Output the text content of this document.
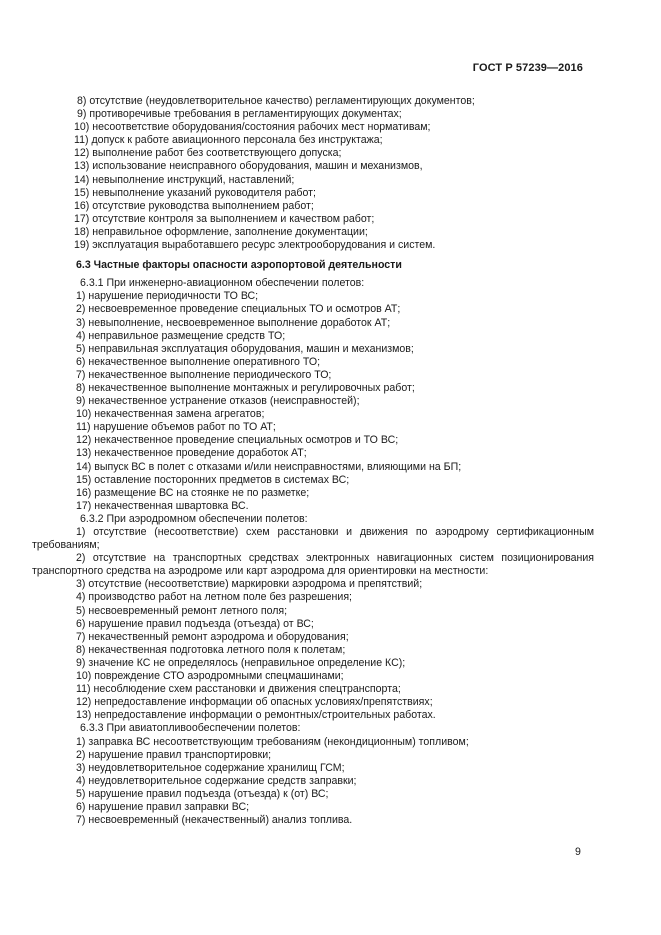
ГОСТ Р 57239—2016
8) отсутствие (неудовлетворительное качество) регламентирующих документов;
9) противоречивые требования в регламентирующих документах;
10) несоответствие оборудования/состояния рабочих мест нормативам;
11) допуск к работе авиационного персонала без инструктажа;
12) выполнение работ без соответствующего допуска;
13) использование неисправного оборудования, машин и механизмов,
14) невыполнение инструкций, наставлений;
15) невыполнение указаний руководителя работ;
16) отсутствие руководства выполнением работ;
17) отсутствие контроля за выполнением и качеством работ;
18) неправильное оформление, заполнение документации;
19) эксплуатация выработавшего ресурс электрооборудования и систем.
6.3 Частные факторы опасности аэропортовой деятельности
6.3.1 При инженерно-авиационном обеспечении полетов:
1) нарушение периодичности ТО ВС;
2) несвоевременное проведение специальных ТО и осмотров АТ;
3) невыполнение, несвоевременное выполнение доработок АТ;
4) неправильное размещение средств ТО;
5) неправильная эксплуатация оборудования, машин и механизмов;
6) некачественное выполнение оперативного ТО;
7) некачественное выполнение периодического ТО;
8) некачественное выполнение монтажных и регулировочных работ;
9) некачественное устранение отказов (неисправностей);
10) некачественная замена агрегатов;
11) нарушение объемов работ по ТО АТ;
12) некачественное проведение специальных осмотров и ТО ВС;
13) некачественное проведение доработок АТ;
14) выпуск ВС в полет с отказами и/или неисправностями, влияющими на БП;
15) оставление посторонних предметов в системах ВС;
16) размещение ВС на стоянке не по разметке;
17) некачественная швартовка ВС.
6.3.2 При аэродромном обеспечении полетов:
1) отсутствие (несоответствие) схем расстановки и движения по аэродрому сертификационным
требованиям;
2) отсутствие на транспортных средствах электронных навигационных систем позиционирования
транспортного средства на аэродроме или карт аэродрома для ориентировки на местности:
3) отсутствие (несоответствие) маркировки аэродрома и препятствий;
4) производство работ на летном поле без разрешения;
5) несвоевременный ремонт летного поля;
6) нарушение правил подъезда (отъезда) от ВС;
7) некачественный ремонт аэродрома и оборудования;
8) некачественная подготовка летного поля к полетам;
9) значение КС не определялось (неправильное определение КС);
10) повреждение СТО аэродромными спецмашинами;
11) несоблюдение схем расстановки и движения спецтранспорта;
12) непредоставление информации об опасных условиях/препятствиях;
13) непредоставление информации о ремонтных/строительных работах.
6.3.3 При авиатопливообеспечении полетов:
1) заправка ВС несоответствующим требованиям (некондиционным) топливом;
2) нарушение правил транспортировки;
3) неудовлетворительное содержание хранилищ ГСМ;
4) неудовлетворительное содержание средств заправки;
5) нарушение правил подъезда (отъезда) к (от) ВС;
6) нарушение правил заправки ВС;
7) несвоевременный (некачественный) анализ топлива.
9
